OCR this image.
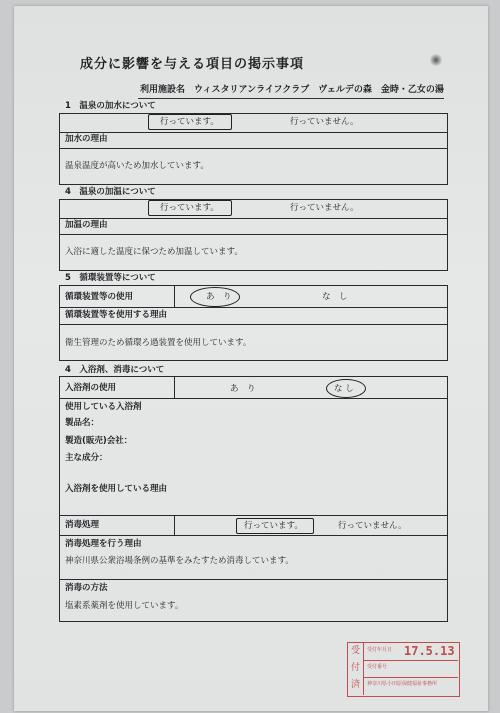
成分に影響を与える項目の掲示事項
利用施設名　ウィスタリアンライフクラブ　ヴェルデの森　金時・乙女の湯
1　温泉の加水について
行っています。	行っていません。
加水の理由
温泉温度が高いため加水しています。
4　温泉の加温について
行っています。	行っていません。
加温の理由
入浴に適した温度に保つため加温しています。
5　循環装置等について
循環装置等の使用	あ　り	な　し
循環装置等を使用する理由
衛生管理のため循環ろ過装置を使用しています。
4　入浴剤、消毒について
入浴剤の使用	あ　り	な し
使用している入浴剤
製品名：
製造(販売)会社：
主な成分：
入浴剤を使用している理由
消毒処理	行っています。	行っていません。
消毒処理を行う理由
神奈川県公衆浴場条例の基準をみたすため消毒しています。
消毒の方法
塩素系薬剤を使用しています。
受
付
済
受付年月日 17.5.13
受付番号
神奈川県小田原保健福祉事務所
